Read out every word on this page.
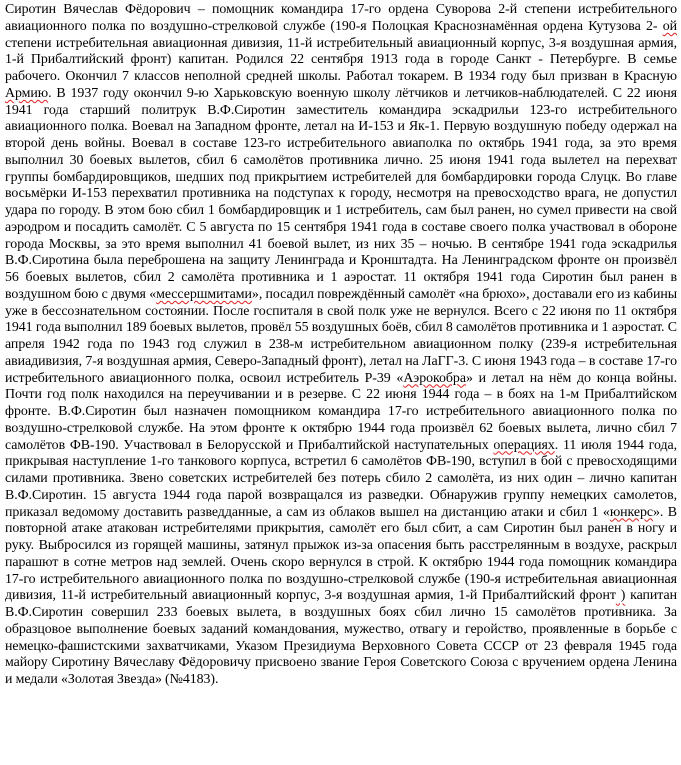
Сиротин Вячеслав Фёдорович – помощник командира 17-го ордена Суворова 2-й степени истребительного авиационного полка по воздушно-стрелковой службе (190-я Полоцкая Краснознамённая ордена Кутузова 2- ой степени истребительная авиационная дивизия, 11-й истребительный авиационный корпус, 3-я воздушная армия, 1-й Прибалтийский фронт) капитан. Родился 22 сентября 1913 года в городе Санкт - Петербурге. В семье рабочего. Окончил 7 классов неполной средней школы. Работал токарем. В 1934 году был призван в Красную Армию. В 1937 году окончил 9-ю Харьковскую военную школу лётчиков и летчиков-наблюдателей. С 22 июня 1941 года старший политрук В.Ф.Сиротин заместитель командира эскадрильи 123-го истребительного авиационного полка. Воевал на Западном фронте, летал на И-153 и Як-1. Первую воздушную победу одержал на второй день войны. Воевал в составе 123-го истребительного авиаполка по октябрь 1941 года, за это время выполнил 30 боевых вылетов, сбил 6 самолётов противника лично. 25 июня 1941 года вылетел на перехват группы бомбардировщиков, шедших под прикрытием истребителей для бомбардировки города Слуцк. Во главе восьмёрки И-153 перехватил противника на подступах к городу, несмотря на превосходство врага, не допустил удара по городу. В этом бою сбил 1 бомбардировщик и 1 истребитель, сам был ранен, но сумел привести на свой аэродром и посадить самолёт. С 5 августа по 15 сентября 1941 года в составе своего полка участвовал в обороне города Москвы, за это время выполнил 41 боевой вылет, из них 35 – ночью. В сентябре 1941 года эскадрилья В.Ф.Сиротина была переброшена на защиту Ленинграда и Кронштадта. На Ленинградском фронте он произвёл 56 боевых вылетов, сбил 2 самолёта противника и 1 аэростат. 11 октября 1941 года Сиротин был ранен в воздушном бою с двумя «мессершмитами», посадил повреждённый самолёт «на брюхо», доставали его из кабины уже в бессознательном состоянии. После госпиталя в свой полк уже не вернулся. Всего с 22 июня по 11 октября 1941 года выполнил 189 боевых вылетов, провёл 55 воздушных боёв, сбил 8 самолётов противника и 1 аэростат. С апреля 1942 года по 1943 год служил в 238-м истребительном авиационном полку (239-я истребительная авиадивизия, 7-я воздушная армия, Северо-Западный фронт), летал на ЛаГГ-3. С июня 1943 года – в составе 17-го истребительного авиационного полка, освоил истребитель Р-39 «Аэрокобра» и летал на нём до конца войны. Почти год полк находился на переучивании и в резерве. С 22 июня 1944 года – в боях на 1-м Прибалтийском фронте. В.Ф.Сиротин был назначен помощником командира 17-го истребительного авиационного полка по воздушно-стрелковой службе. На этом фронте к октябрю 1944 года произвёл 62 боевых вылета, лично сбил 7 самолётов ФВ-190. Участвовал в Белорусской и Прибалтийской наступательных операциях. 11 июля 1944 года, прикрывая наступление 1-го танкового корпуса, встретил 6 самолётов ФВ-190, вступил в бой с превосходящими силами противника. Звено советских истребителей без потерь сбило 2 самолёта, из них один – лично капитан В.Ф.Сиротин. 15 августа 1944 года парой возвращался из разведки. Обнаружив группу немецких самолетов, приказал ведомому доставить разведданные, а сам из облаков вышел на дистанцию атаки и сбил 1 «юнкерс». В повторной атаке атакован истребителями прикрытия, самолёт его был сбит, а сам Сиротин был ранен в ногу и руку. Выбросился из горящей машины, затянул прыжок из-за опасения быть расстрелянным в воздухе, раскрыл парашют в сотне метров над землей. Очень скоро вернулся в строй. К октябрю 1944 года помощник командира 17-го истребительного авиационного полка по воздушно-стрелковой службе (190-я истребительная авиационная дивизия, 11-й истребительный авиационный корпус, 3-я воздушная армия, 1-й Прибалтийский фронт ) капитан В.Ф.Сиротин совершил 233 боевых вылета, в воздушных боях сбил лично 15 самолётов противника. За образцовое выполнение боевых заданий командования, мужество, отвагу и геройство, проявленные в борьбе с немецко-фашистскими захватчиками, Указом Президиума Верховного Совета СССР от 23 февраля 1945 года майору Сиротину Вячеславу Фёдоровичу присвоено звание Героя Советского Союза с вручением ордена Ленина и медали «Золотая Звезда» (№4183).
